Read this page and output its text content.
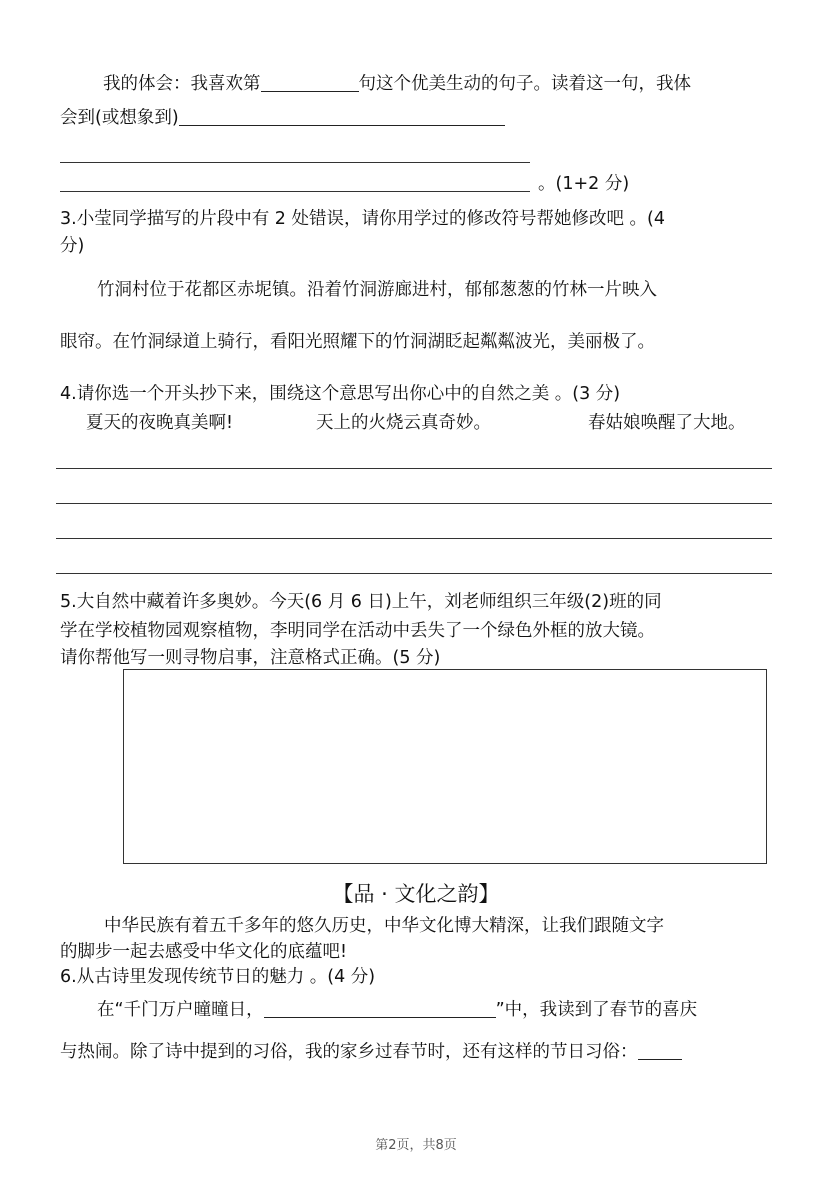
我的体会：我喜欢第	句这个优美生动的句子。读着这一句，我体
会到(或想象到)
。(1+2 分)
3.小莹同学描写的片段中有 2 处错误，请你用学过的修改符号帮她修改吧 。(4
分)
竹洞村位于花都区赤坭镇。沿着竹洞游廊进村，郁郁葱葱的竹林一片映入
眼帘。在竹洞绿道上骑行，看阳光照耀下的竹洞湖眨起粼粼波光，美丽极了。
4.请你选一个开头抄下来，围绕这个意思写出你心中的自然之美 。(3 分)
夏天的夜晚真美啊!	天上的火烧云真奇妙。	春姑娘唤醒了大地。
5.大自然中藏着许多奥妙。今天(6 月 6 日)上午，刘老师组织三年级(2)班的同
学在学校植物园观察植物，李明同学在活动中丢失了一个绿色外框的放大镜。
请你帮他写一则寻物启事，注意格式正确。(5 分)
【品 · 文化之韵】
中华民族有着五千多年的悠久历史，中华文化博大精深，让我们跟随文字
的脚步一起去感受中华文化的底蕴吧!
6.从古诗里发现传统节日的魅力 。(4 分)
在“千门万户曈曈日，	”中，我读到了春节的喜庆
与热闹。除了诗中提到的习俗，我的家乡过春节时，还有这样的节日习俗：
第2页，共8页
